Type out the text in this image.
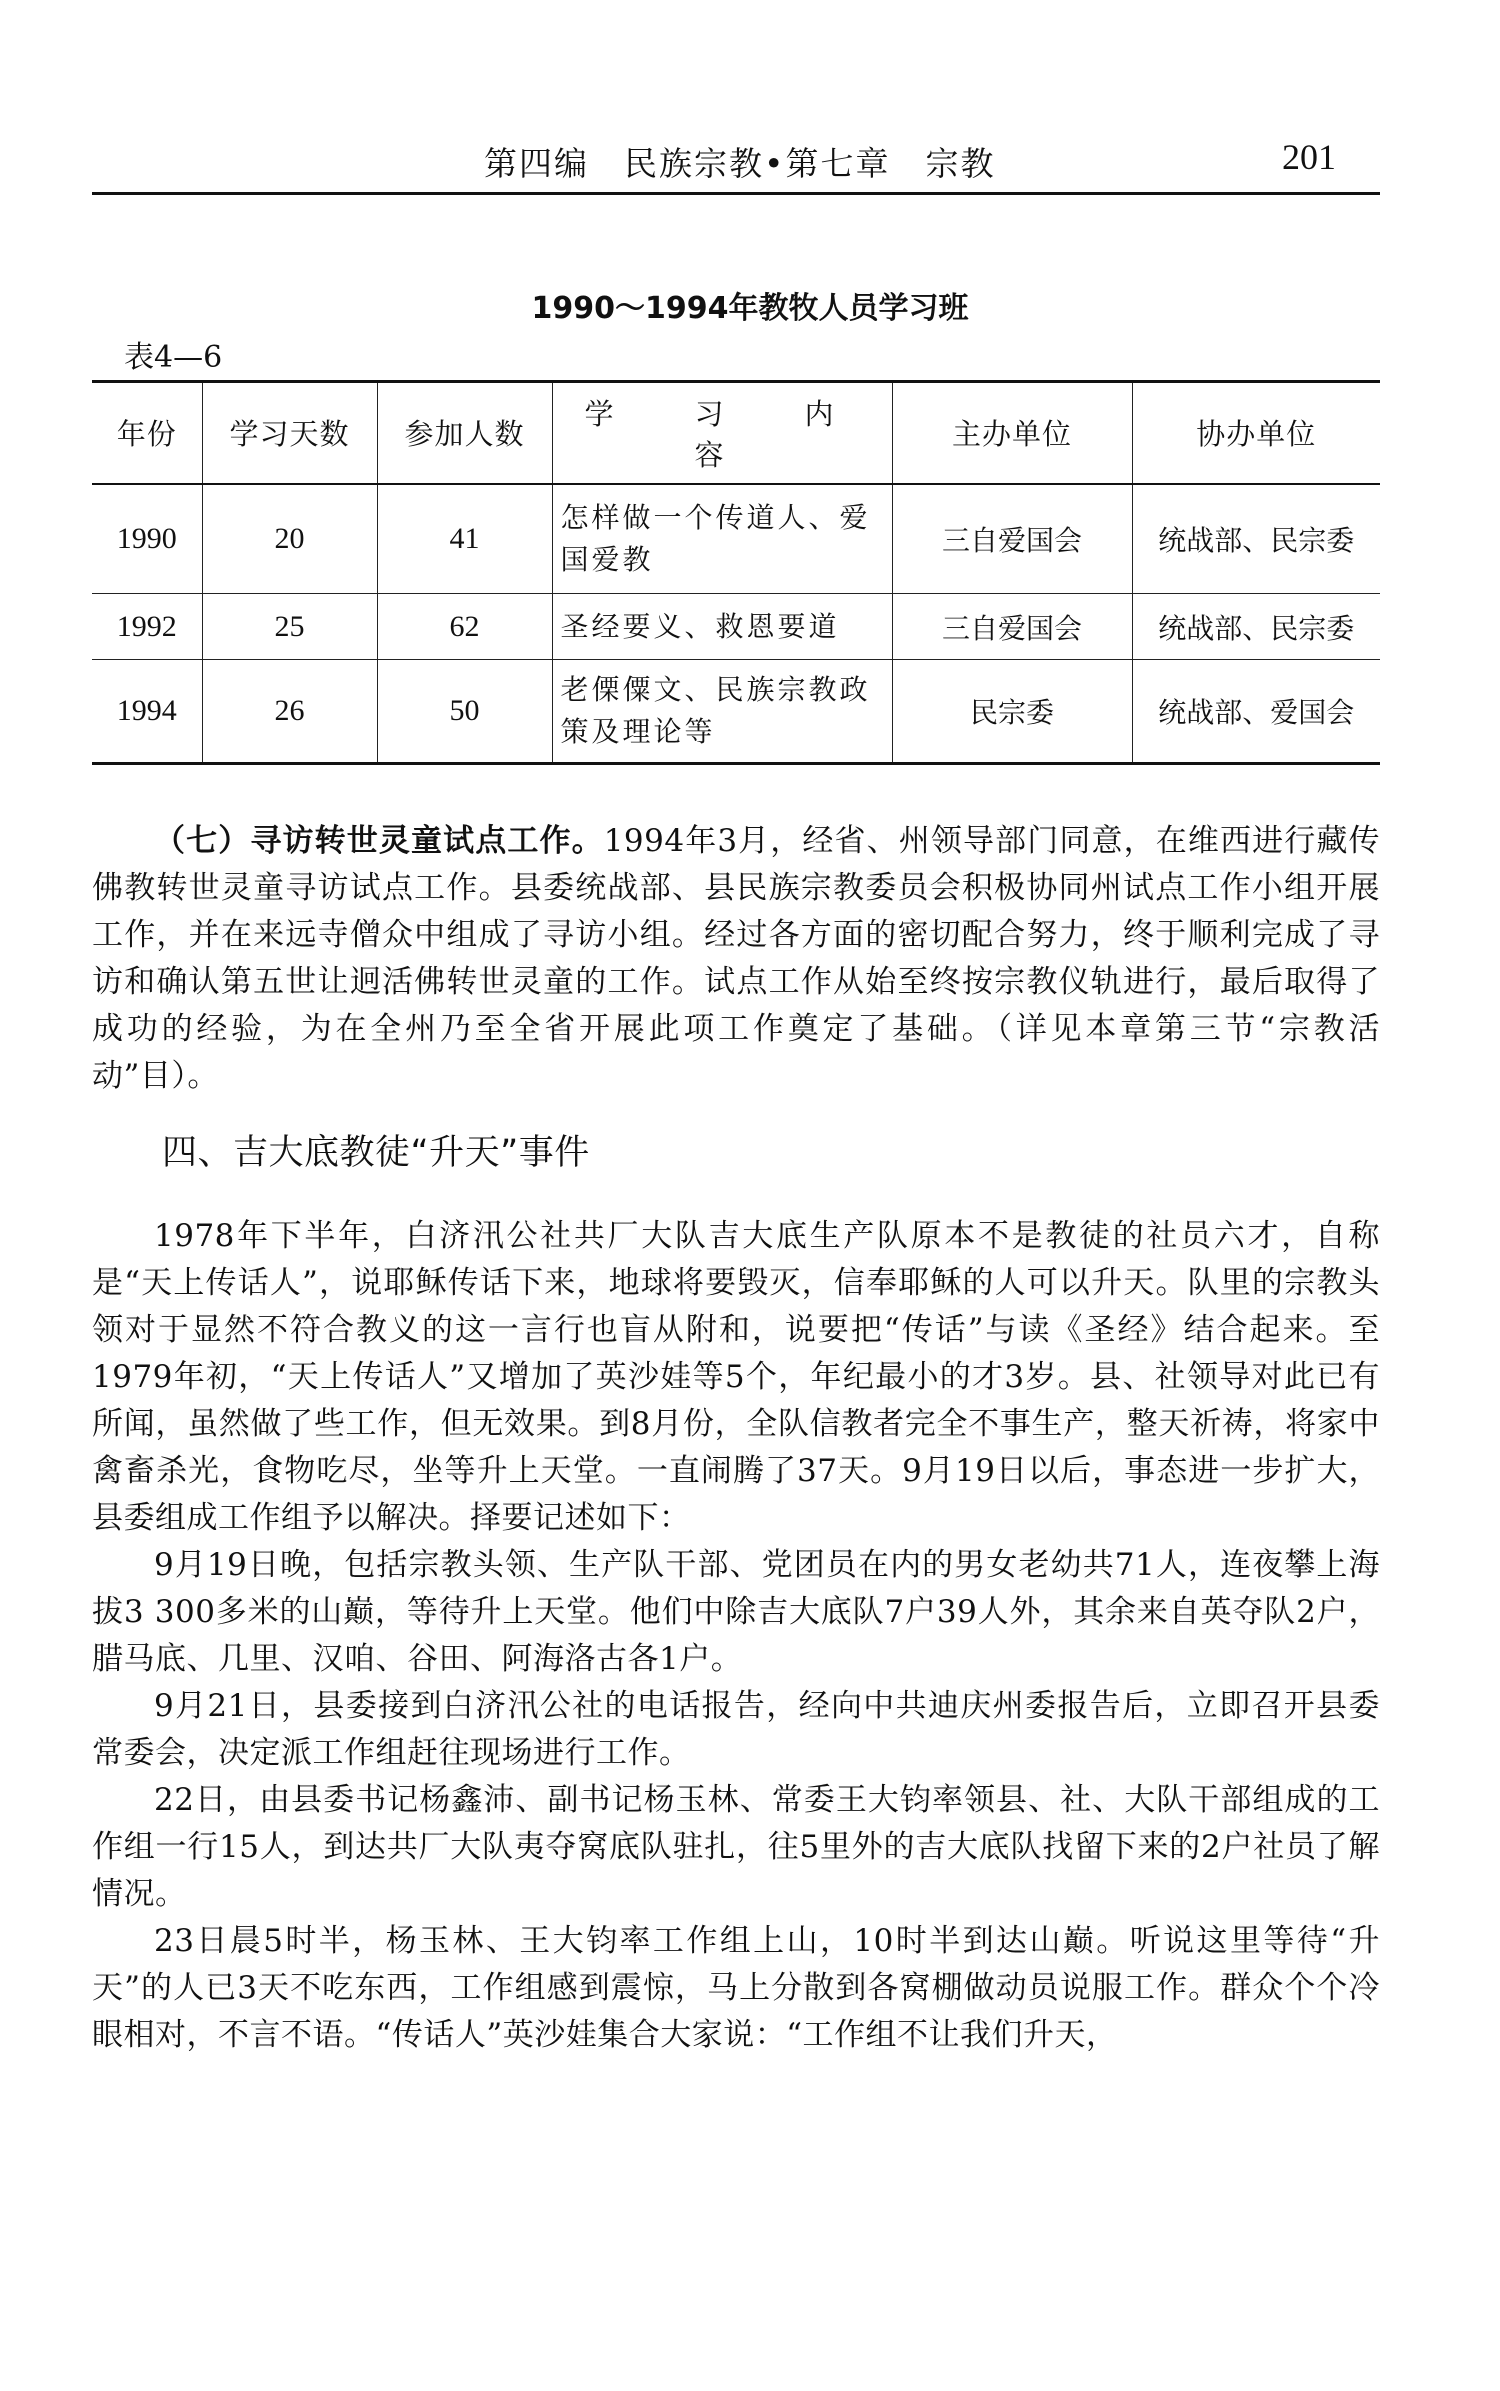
第四编　民族宗教•第七章　宗教	201
1990～1994年教牧人员学习班
表4—6
年份	学习天数	参加人数	学　习　内　容	主办单位	协办单位
1990	20	41	怎样做一个传道人、爱国爱教	三自爱国会	统战部、民宗委
1992	25	62	圣经要义、救恩要道	三自爱国会	统战部、民宗委
1994	26	50	老傈僳文、民族宗教政策及理论等	民宗委	统战部、爱国会

（七）寻访转世灵童试点工作。1994年3月，经省、州领导部门同意，在维西进行藏传佛教转世灵童寻访试点工作。县委统战部、县民族宗教委员会积极协同州试点工作小组开展工作，并在来远寺僧众中组成了寻访小组。经过各方面的密切配合努力，终于顺利完成了寻访和确认第五世让迥活佛转世灵童的工作。试点工作从始至终按宗教仪轨进行，最后取得了成功的经验，为在全州乃至全省开展此项工作奠定了基础。（详见本章第三节“宗教活动”目）。

四、吉大底教徒“升天”事件

1978年下半年，白济汛公社共厂大队吉大底生产队原本不是教徒的社员六才，自称是“天上传话人”，说耶稣传话下来，地球将要毁灭，信奉耶稣的人可以升天。队里的宗教头领对于显然不符合教义的这一言行也盲从附和，说要把“传话”与读《圣经》结合起来。至1979年初，“天上传话人”又增加了英沙娃等5个，年纪最小的才3岁。县、社领导对此已有所闻，虽然做了些工作，但无效果。到8月份，全队信教者完全不事生产，整天祈祷，将家中禽畜杀光，食物吃尽，坐等升上天堂。一直闹腾了37天。9月19日以后，事态进一步扩大，县委组成工作组予以解决。择要记述如下：

9月19日晚，包括宗教头领、生产队干部、党团员在内的男女老幼共71人，连夜攀上海拔3 300多米的山巅，等待升上天堂。他们中除吉大底队7户39人外，其余来自英夺队2户，腊马底、几里、汉咱、谷田、阿海洛古各1户。

9月21日，县委接到白济汛公社的电话报告，经向中共迪庆州委报告后，立即召开县委常委会，决定派工作组赶往现场进行工作。

22日，由县委书记杨鑫沛、副书记杨玉林、常委王大钧率领县、社、大队干部组成的工作组一行15人，到达共厂大队夷夺窝底队驻扎，往5里外的吉大底队找留下来的2户社员了解情况。

23日晨5时半，杨玉林、王大钧率工作组上山，10时半到达山巅。听说这里等待“升天”的人已3天不吃东西，工作组感到震惊，马上分散到各窝棚做动员说服工作。群众个个冷眼相对，不言不语。“传话人”英沙娃集合大家说：“工作组不让我们升天，
